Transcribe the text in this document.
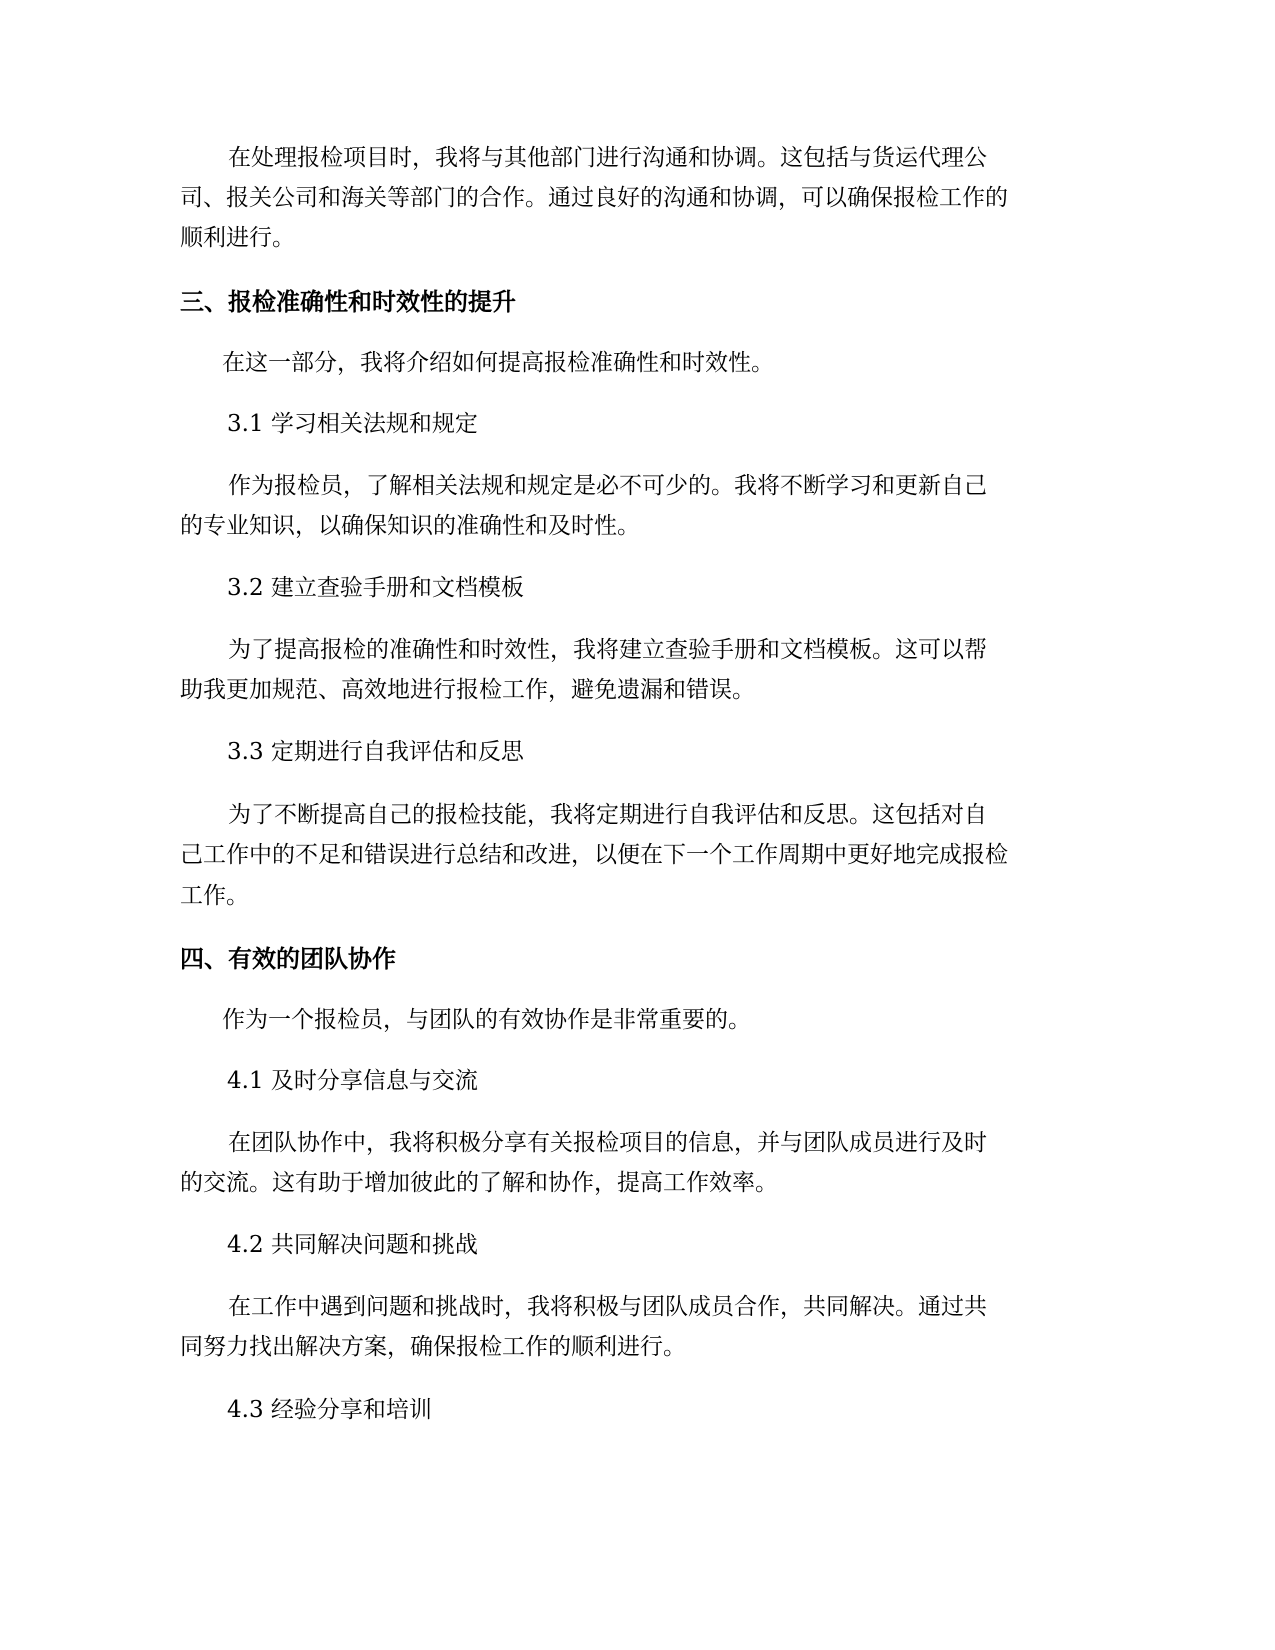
在处理报检项目时，我将与其他部门进行沟通和协调。这包括与货运代理公
司、报关公司和海关等部门的合作。通过良好的沟通和协调，可以确保报检工作的
顺利进行。
三、报检准确性和时效性的提升
在这一部分，我将介绍如何提高报检准确性和时效性。
3.1 学习相关法规和规定
作为报检员，了解相关法规和规定是必不可少的。我将不断学习和更新自己
的专业知识，以确保知识的准确性和及时性。
3.2 建立查验手册和文档模板
为了提高报检的准确性和时效性，我将建立查验手册和文档模板。这可以帮
助我更加规范、高效地进行报检工作，避免遗漏和错误。
3.3 定期进行自我评估和反思
为了不断提高自己的报检技能，我将定期进行自我评估和反思。这包括对自
己工作中的不足和错误进行总结和改进，以便在下一个工作周期中更好地完成报检
工作。
四、有效的团队协作
作为一个报检员，与团队的有效协作是非常重要的。
4.1 及时分享信息与交流
在团队协作中，我将积极分享有关报检项目的信息，并与团队成员进行及时
的交流。这有助于增加彼此的了解和协作，提高工作效率。
4.2 共同解决问题和挑战
在工作中遇到问题和挑战时，我将积极与团队成员合作，共同解决。通过共
同努力找出解决方案，确保报检工作的顺利进行。
4.3 经验分享和培训
